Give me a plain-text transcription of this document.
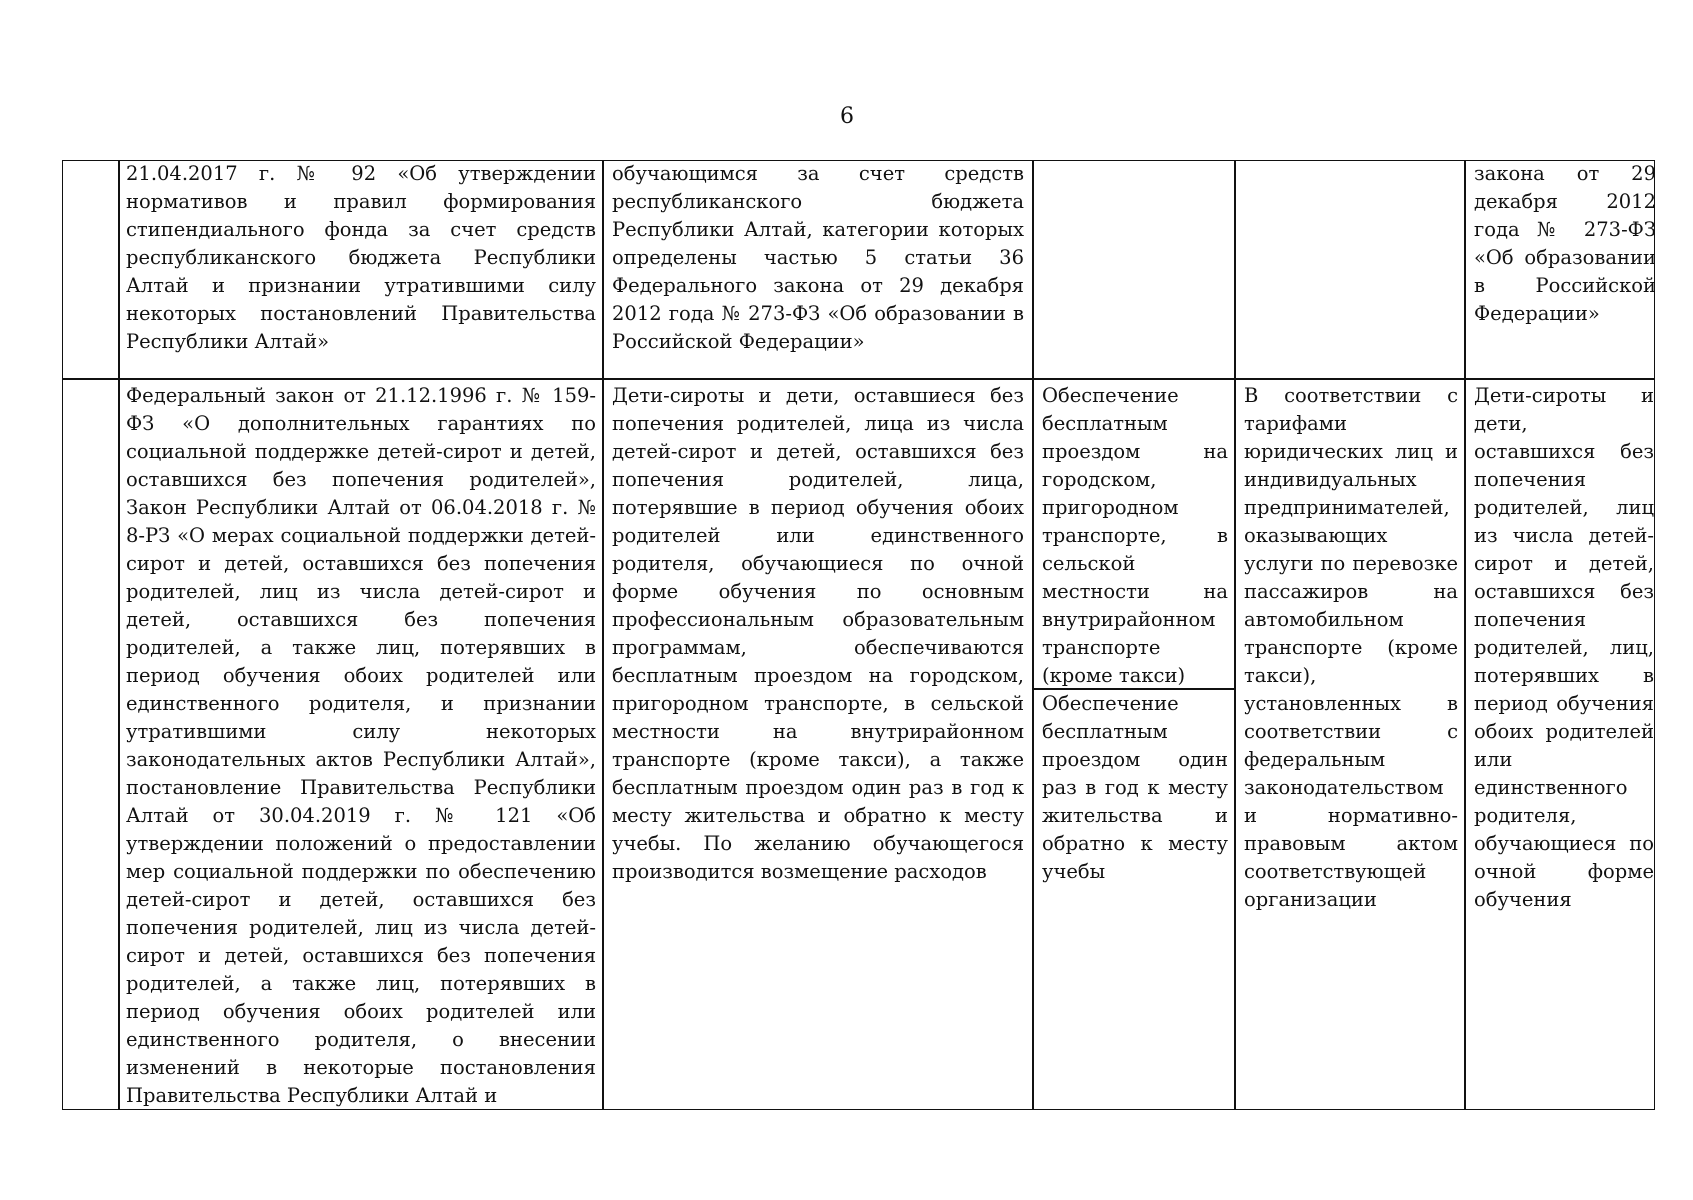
6
21.04.2017 г. № 92 «Об утверждении нормативов и правил формирования стипендиального фонда за счет средств республиканского бюджета Республики Алтай и признании утратившими силу некоторых постановлений Правительства Республики Алтай»
обучающимся за счет средств республиканского бюджета Республики Алтай, категории которых определены частью 5 статьи 36 Федерального закона от 29 декабря 2012 года № 273-ФЗ «Об образовании в Российской Федерации»
закона от 29 декабря 2012 года № 273-ФЗ «Об образовании в Российской Федерации»
Федеральный закон от 21.12.1996 г. № 159-ФЗ «О дополнительных гарантиях по социальной поддержке детей-сирот и детей, оставшихся без попечения родителей», Закон Республики Алтай от 06.04.2018 г. № 8-РЗ «О мерах социальной поддержки детей-сирот и детей, оставшихся без попечения родителей, лиц из числа детей-сирот и детей, оставшихся без попечения родителей, а также лиц, потерявших в период обучения обоих родителей или единственного родителя, и признании утратившими силу некоторых законодательных актов Республики Алтай», постановление Правительства Республики Алтай от 30.04.2019 г. № 121 «Об утверждении положений о предоставлении мер социальной поддержки по обеспечению детей-сирот и детей, оставшихся без попечения родителей, лиц из числа детей-сирот и детей, оставшихся без попечения родителей, а также лиц, потерявших в период обучения обоих родителей или единственного родителя, о внесении изменений в некоторые постановления Правительства Республики Алтай и
Дети-сироты и дети, оставшиеся без попечения родителей, лица из числа детей-сирот и детей, оставшихся без попечения родителей, лица, потерявшие в период обучения обоих родителей или единственного родителя, обучающиеся по очной форме обучения по основным профессиональным образовательным программам, обеспечиваются бесплатным проездом на городском, пригородном транспорте, в сельской местности на внутрирайонном транспорте (кроме такси), а также бесплатным проездом один раз в год к месту жительства и обратно к месту учебы. По желанию обучающегося производится возмещение расходов
Обеспечение бесплатным проездом на городском, пригородном транспорте, в сельской местности на внутрирайонном транспорте (кроме такси)
Обеспечение бесплатным проездом один раз в год к месту жительства и обратно к месту учебы
В соответствии с тарифами юридических лиц и индивидуальных предпринимателей, оказывающих услуги по перевозке пассажиров на автомобильном транспорте (кроме такси), установленных в соответствии с федеральным законодательством и нормативно-правовым актом соответствующей организации
Дети-сироты и дети, оставшихся без попечения родителей, лиц из числа детей-сирот и детей, оставшихся без попечения родителей, лиц, потерявших в период обучения обоих родителей или единственного родителя, обучающиеся по очной форме обучения
